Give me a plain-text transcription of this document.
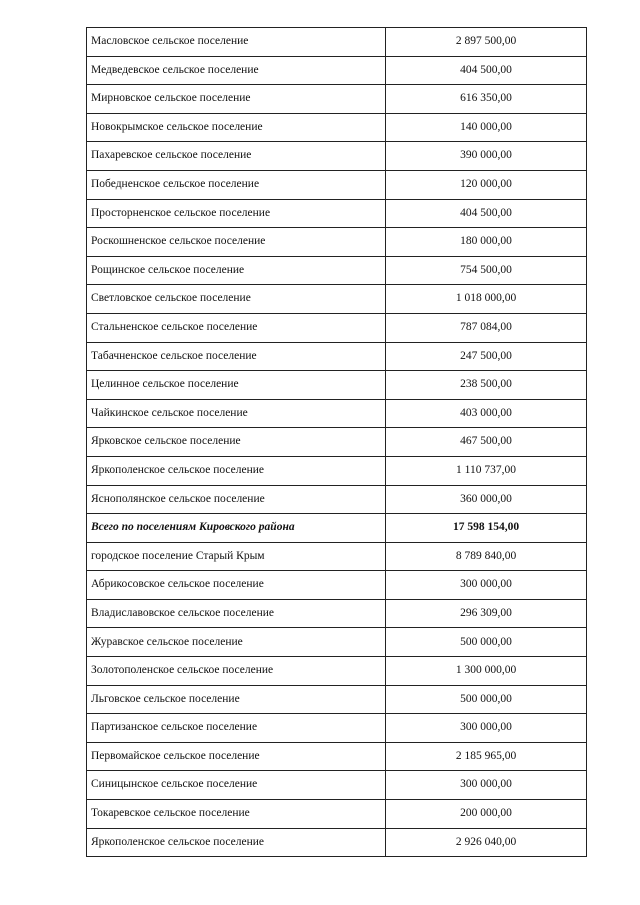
Масловское сельское поселение	2 897 500,00
Медведевское сельское поселение	404 500,00
Мирновское сельское поселение	616 350,00
Новокрымское сельское поселение	140 000,00
Пахаревское сельское поселение	390 000,00
Победненское сельское поселение	120 000,00
Просторненское сельское поселение	404 500,00
Роскошненское сельское поселение	180 000,00
Рощинское сельское поселение	754 500,00
Светловское сельское поселение	1 018 000,00
Стальненское сельское поселение	787 084,00
Табачненское сельское поселение	247 500,00
Целинное сельское поселение	238 500,00
Чайкинское сельское поселение	403 000,00
Ярковское сельское поселение	467 500,00
Яркополенское сельское поселение	1 110 737,00
Яснополянское сельское поселение	360 000,00
Всего по поселениям Кировского района	17 598 154,00
городское поселение Старый Крым	8 789 840,00
Абрикосовское сельское поселение	300 000,00
Владиславовское сельское поселение	296 309,00
Журавское сельское поселение	500 000,00
Золотополенское сельское поселение	1 300 000,00
Льговское сельское поселение	500 000,00
Партизанское сельское поселение	300 000,00
Первомайское сельское поселение	2 185 965,00
Синицынское сельское поселение	300 000,00
Токаревское сельское поселение	200 000,00
Яркополенское сельское поселение	2 926 040,00
